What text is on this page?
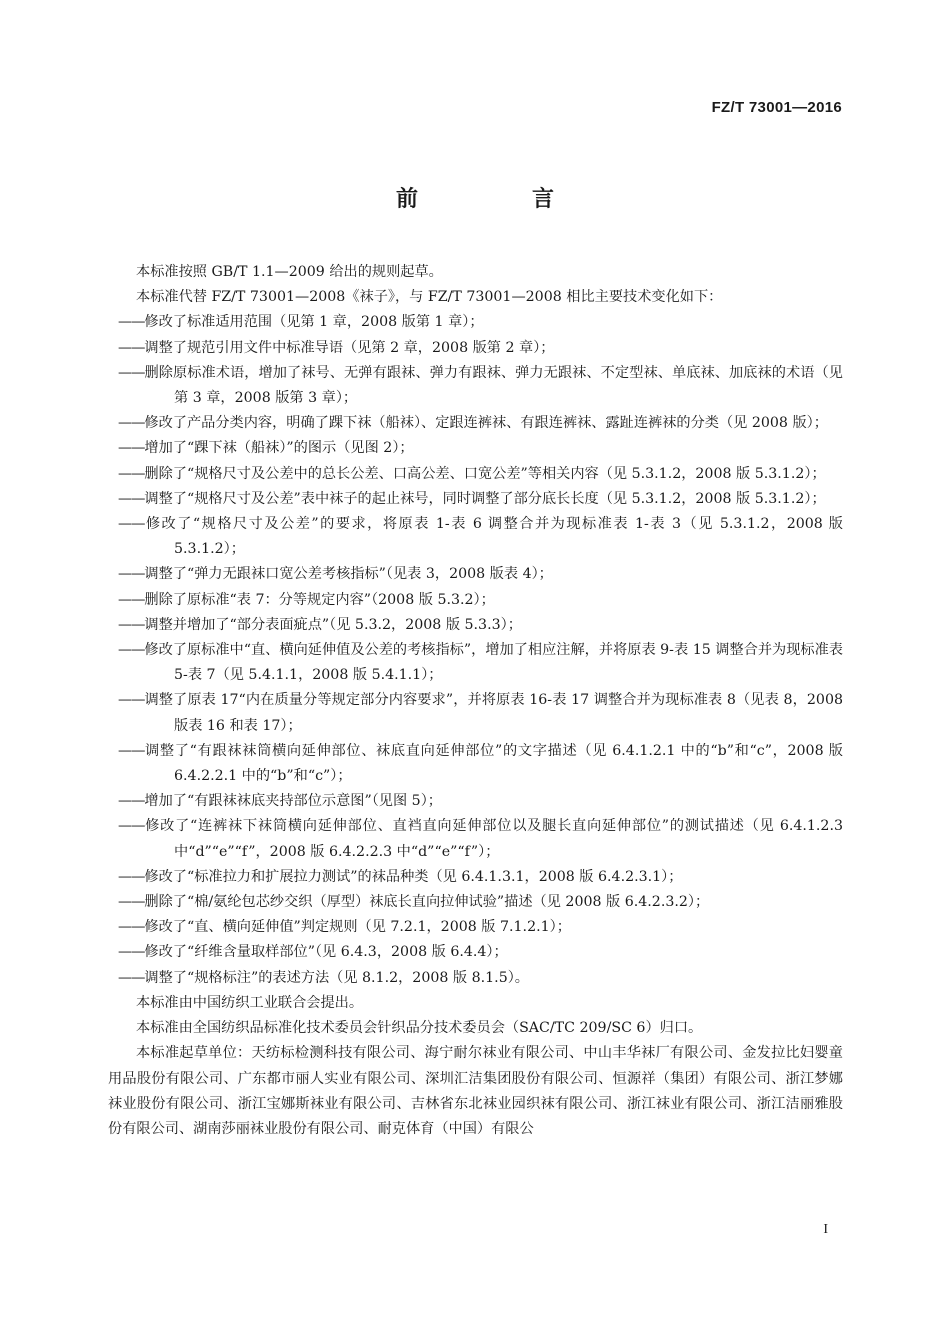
FZ/T 73001—2016
前　言

本标准按照 GB/T 1.1—2009 给出的规则起草。

本标准代替 FZ/T 73001—2008《袜子》，与 FZ/T 73001—2008 相比主要技术变化如下：

——修改了标准适用范围（见第 1 章，2008 版第 1 章）；

——调整了规范引用文件中标准导语（见第 2 章，2008 版第 2 章）；

——删除原标准术语，增加了袜号、无弹有跟袜、弹力有跟袜、弹力无跟袜、不定型袜、单底袜、加底袜的术语（见第 3 章，2008 版第 3 章）；

——修改了产品分类内容，明确了踝下袜（船袜）、定跟连裤袜、有跟连裤袜、露趾连裤袜的分类（见 2008 版）；

——增加了“踝下袜（船袜）”的图示（见图 2）；

——删除了“规格尺寸及公差中的总长公差、口高公差、口宽公差”等相关内容（见 5.3.1.2，2008 版 5.3.1.2）；

——调整了“规格尺寸及公差”表中袜子的起止袜号，同时调整了部分底长长度（见 5.3.1.2，2008 版 5.3.1.2）；

——修改了“规格尺寸及公差”的要求，将原表 1-表 6 调整合并为现标准表 1-表 3（见 5.3.1.2，2008 版 5.3.1.2）；

——调整了“弹力无跟袜口宽公差考核指标”（见表 3，2008 版表 4）；

——删除了原标准“表 7：分等规定内容”（2008 版 5.3.2）；

——调整并增加了“部分表面疵点”（见 5.3.2，2008 版 5.3.3）；

——修改了原标准中“直、横向延伸值及公差的考核指标”，增加了相应注解，并将原表 9-表 15 调整合并为现标准表 5-表 7（见 5.4.1.1，2008 版 5.4.1.1）；

——调整了原表 17“内在质量分等规定部分内容要求”，并将原表 16-表 17 调整合并为现标准表 8（见表 8，2008 版表 16 和表 17）；

——调整了“有跟袜袜筒横向延伸部位、袜底直向延伸部位”的文字描述（见 6.4.1.2.1 中的“b”和“c”，2008 版 6.4.2.2.1 中的“b”和“c”）；

——增加了“有跟袜袜底夹持部位示意图”（见图 5）；

——修改了“连裤袜下袜筒横向延伸部位、直裆直向延伸部位以及腿长直向延伸部位”的测试描述（见 6.4.1.2.3 中“d”“e”“f”，2008 版 6.4.2.2.3 中“d”“e”“f”）；

——修改了“标准拉力和扩展拉力测试”的袜品种类（见 6.4.1.3.1，2008 版 6.4.2.3.1）；

——删除了“棉/氨纶包芯纱交织（厚型）袜底长直向拉伸试验”描述（见 2008 版 6.4.2.3.2）；

——修改了“直、横向延伸值”判定规则（见 7.2.1，2008 版 7.1.2.1）；

——修改了“纤维含量取样部位”（见 6.4.3，2008 版 6.4.4）；

——调整了“规格标注”的表述方法（见 8.1.2，2008 版 8.1.5）。

本标准由中国纺织工业联合会提出。

本标准由全国纺织品标准化技术委员会针织品分技术委员会（SAC/TC 209/SC 6）归口。

本标准起草单位：天纺标检测科技有限公司、海宁耐尔袜业有限公司、中山丰华袜厂有限公司、金发拉比妇婴童用品股份有限公司、广东都市丽人实业有限公司、深圳汇洁集团股份有限公司、恒源祥（集团）有限公司、浙江梦娜袜业股份有限公司、浙江宝娜斯袜业有限公司、吉林省东北袜业园织袜有限公司、浙江袜业有限公司、浙江洁丽雅股份有限公司、湖南莎丽袜业股份有限公司、耐克体育（中国）有限公

I
